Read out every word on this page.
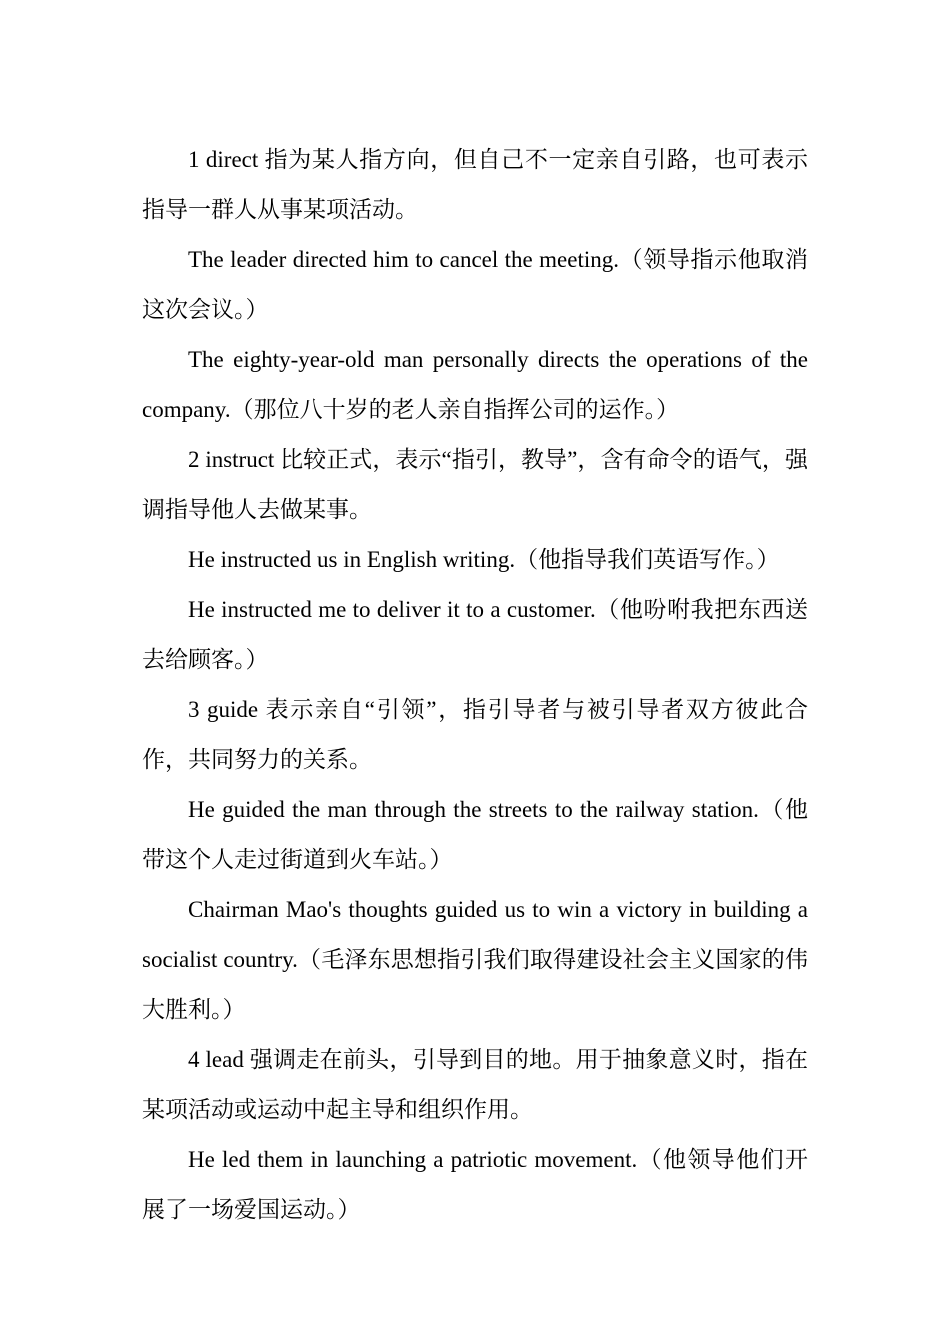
1 direct 指为某人指方向，但自己不一定亲自引路，也可表示指导一群人从事某项活动。

The leader directed him to cancel the meeting.（领导指示他取消这次会议。）

The eighty-year-old man personally directs the operations of the company.（那位八十岁的老人亲自指挥公司的运作。）

2 instruct 比较正式，表示“指引，教导”，含有命令的语气，强调指导他人去做某事。

He instructed us in English writing.（他指导我们英语写作。）

He instructed me to deliver it to a customer.（他吩咐我把东西送去给顾客。）

3 guide 表示亲自“引领”，指引导者与被引导者双方彼此合作，共同努力的关系。

He guided the man through the streets to the railway station.（他带这个人走过街道到火车站。）

Chairman Mao's thoughts guided us to win a victory in building a socialist country.（毛泽东思想指引我们取得建设社会主义国家的伟大胜利。）

4 lead 强调走在前头，引导到目的地。用于抽象意义时，指在某项活动或运动中起主导和组织作用。

He led them in launching a patriotic movement.（他领导他们开展了一场爱国运动。）
